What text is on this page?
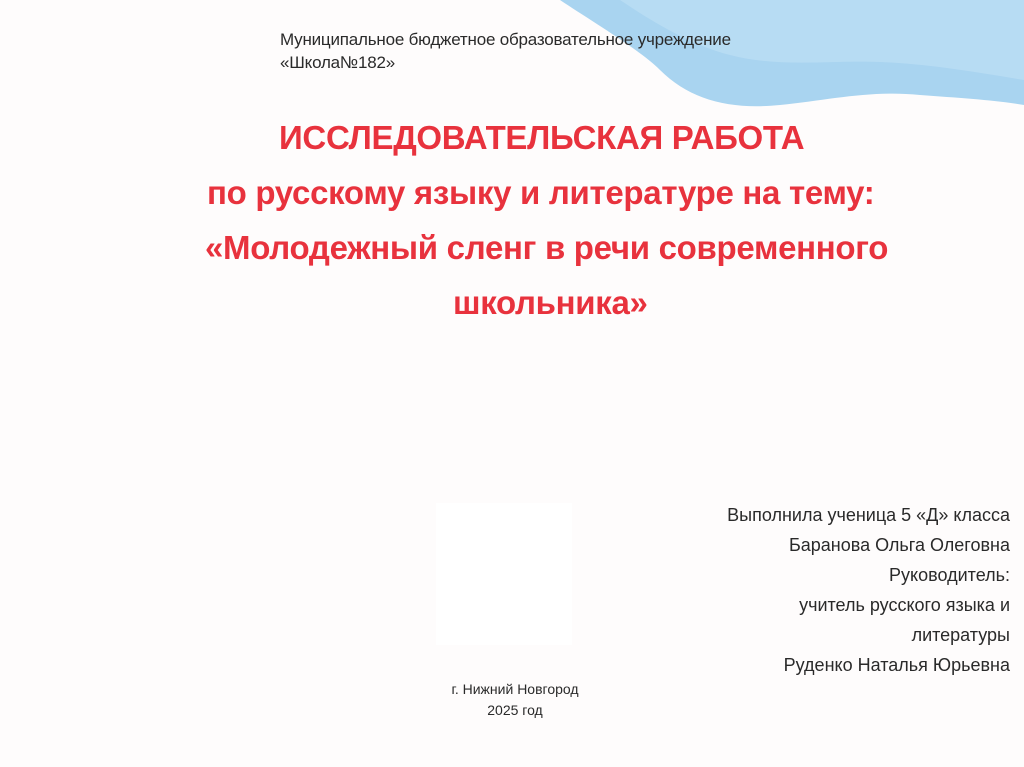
Муниципальное бюджетное образовательное учреждение
«Школа№182»
ИССЛЕДОВАТЕЛЬСКАЯ РАБОТА
по русскому языку и литературе на тему:
«Молодежный сленг в речи современного
школьника»
Выполнила ученица 5 «Д» класса
Баранова Ольга Олеговна
Руководитель:
учитель русского языка и
литературы
Руденко Наталья Юрьевна
г. Нижний Новгород
2025 год
